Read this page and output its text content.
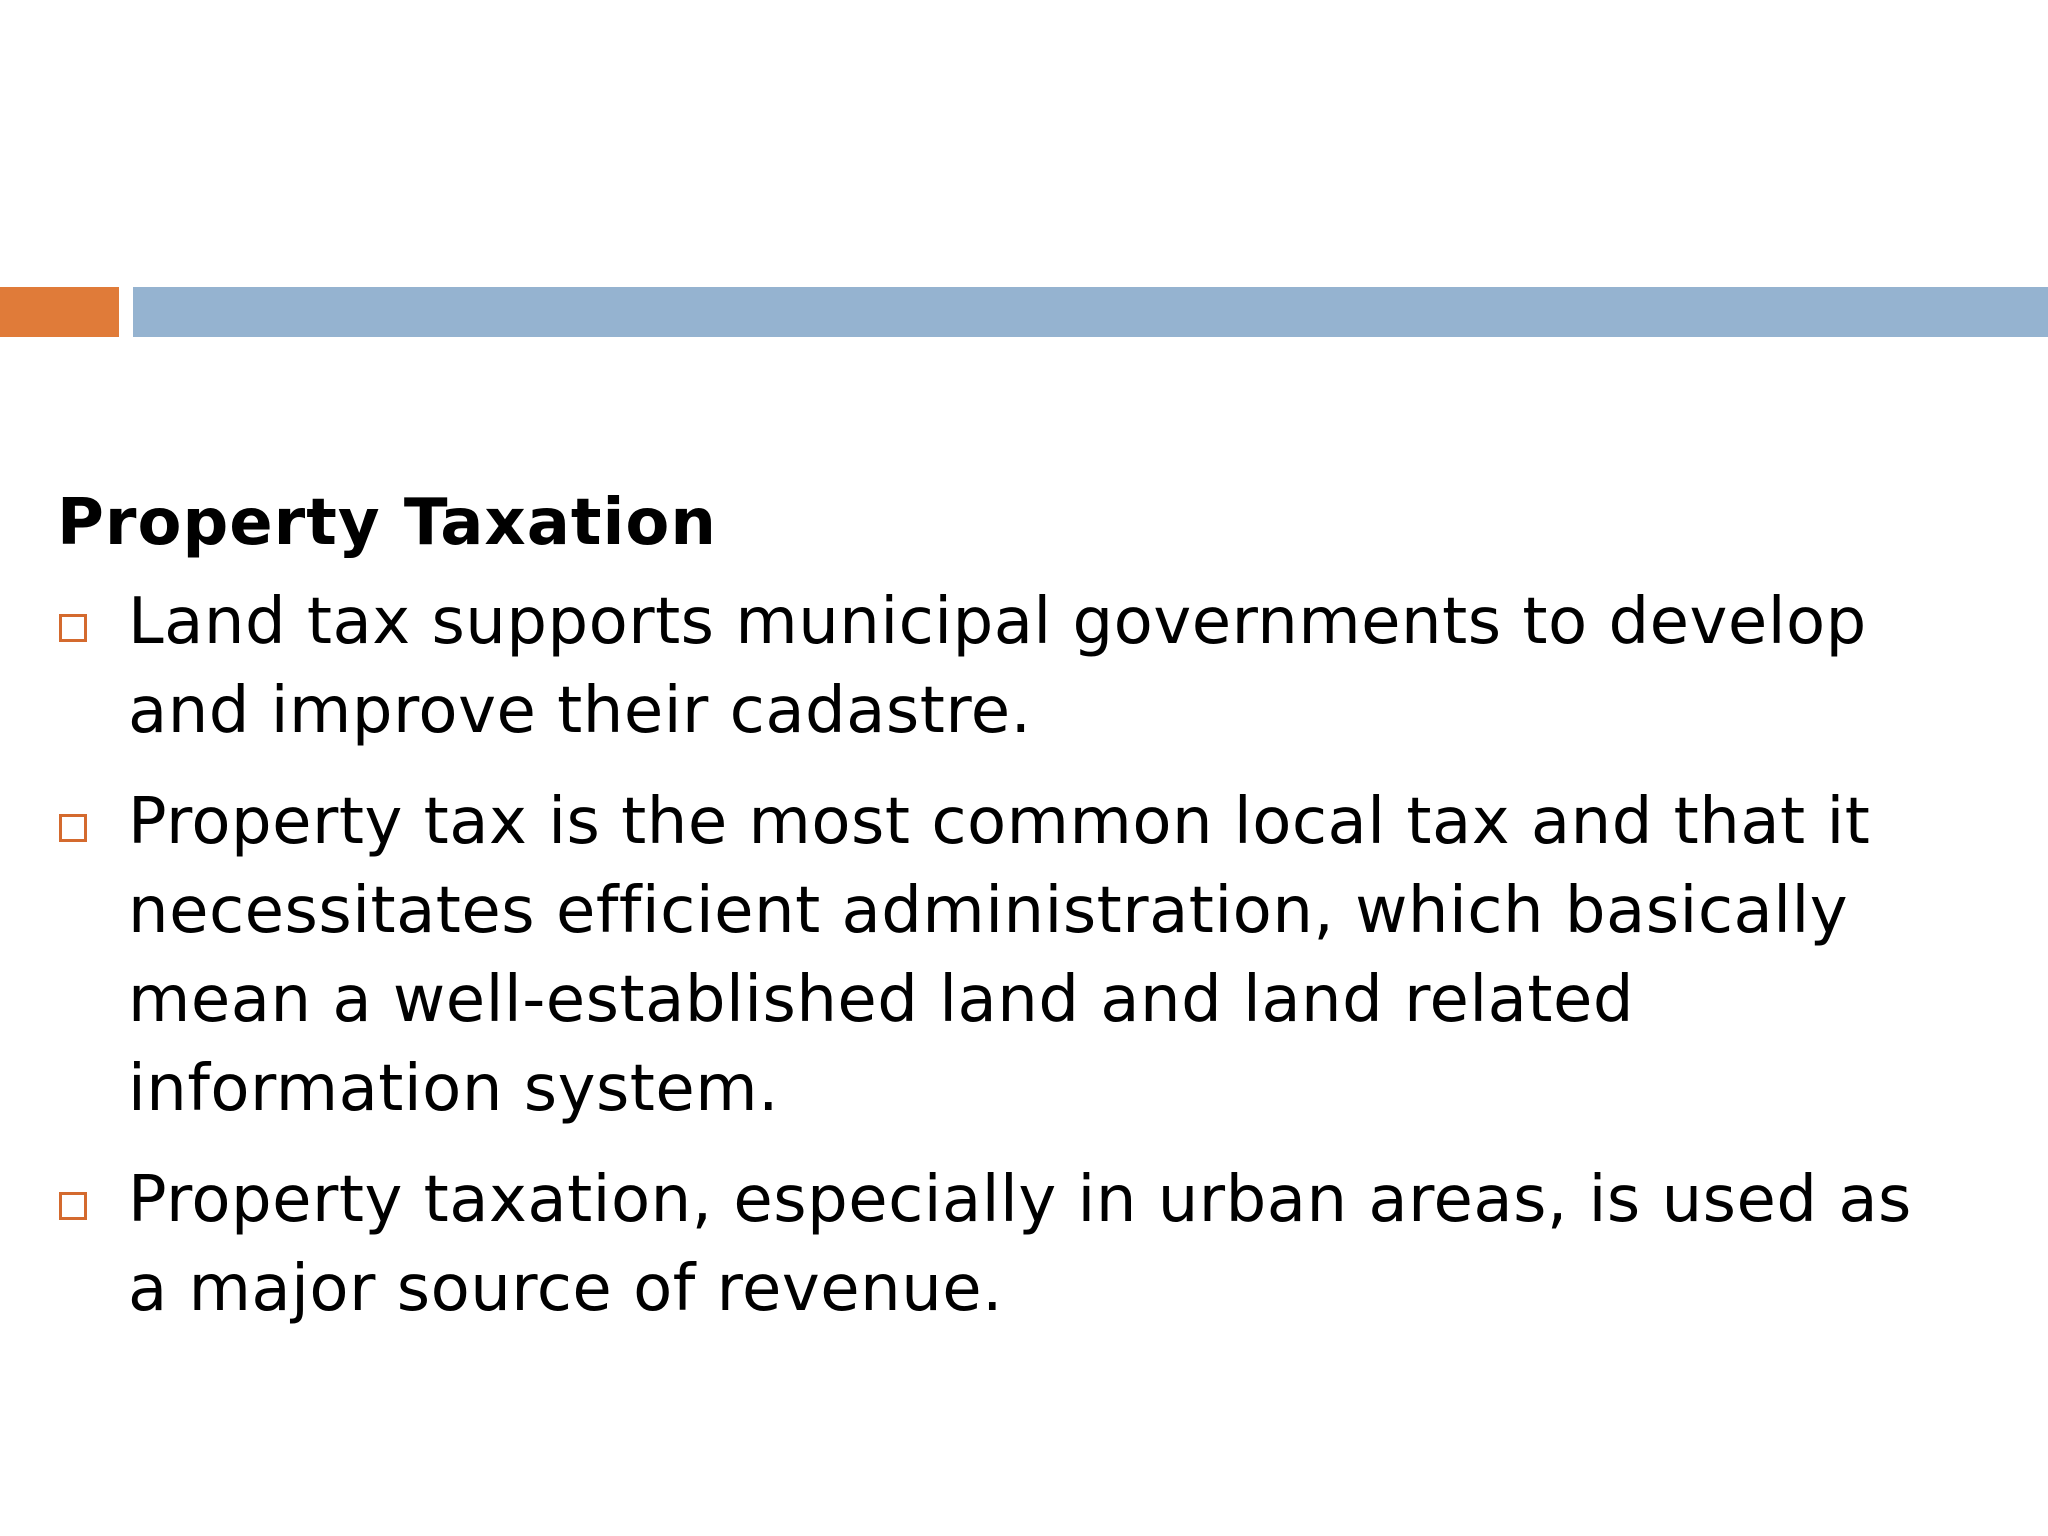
Property Taxation
Land tax supports municipal governments to develop and improve their cadastre.
Property tax is the most common local tax and that it necessitates efficient administration, which basically mean a well-established land and land related information system.
Property taxation, especially in urban areas, is used as a major source of revenue.
